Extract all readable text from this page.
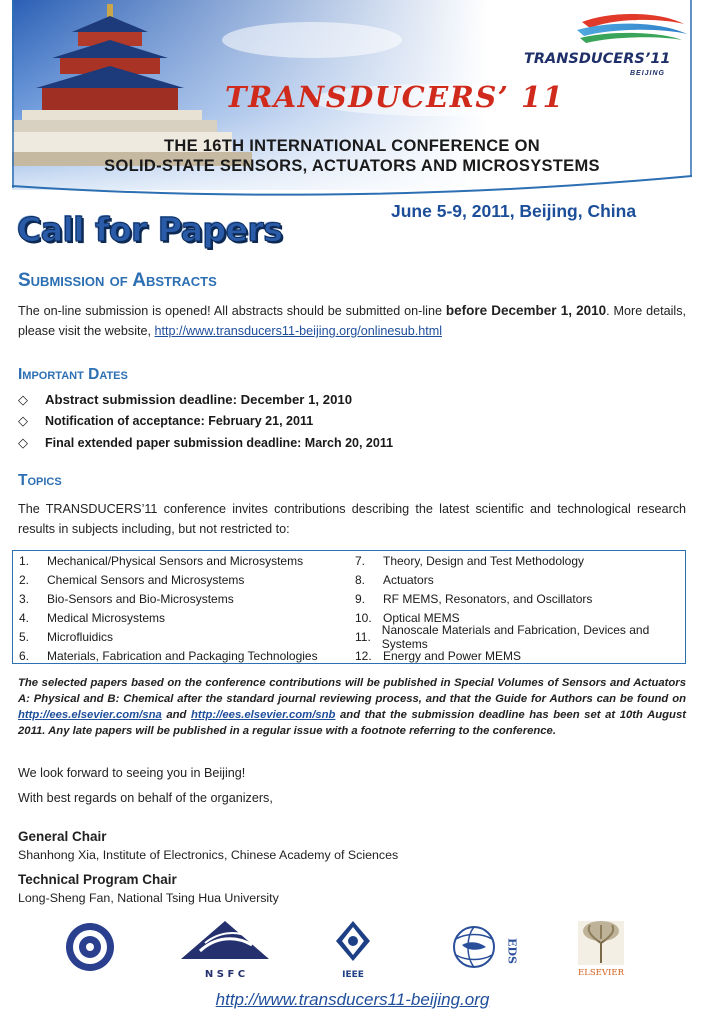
TRANSDUCERS’11
BEIJING
TRANSDUCERS’ 11
THE 16TH INTERNATIONAL CONFERENCE ON
SOLID-STATE SENSORS, ACTUATORS AND MICROSYSTEMS
June 5-9, 2011, Beijing, China
Call for Papers
Submission of Abstracts
The on-line submission is opened! All abstracts should be submitted on-line before December 1, 2010. More details, please visit the website, http://www.transducers11-beijing.org/onlinesub.html
Important Dates
◇	Abstract submission deadline: December 1, 2010
◇	Notification of acceptance: February 21, 2011
◇	Final extended paper submission deadline: March 20, 2011
Topics
The TRANSDUCERS’11 conference invites contributions describing the latest scientific and technological research results in subjects including, but not restricted to:
1.	Mechanical/Physical Sensors and Microsystems
2.	Chemical Sensors and Microsystems
3.	Bio-Sensors and Bio-Microsystems
4.	Medical Microsystems
5.	Microfluidics
6.	Materials, Fabrication and Packaging Technologies
7.	Theory, Design and Test Methodology
8.	Actuators
9.	RF MEMS, Resonators, and Oscillators
10. Optical MEMS
11. Nanoscale Materials and Fabrication, Devices and Systems
12. Energy and Power MEMS
The selected papers based on the conference contributions will be published in Special Volumes of Sensors and Actuators A: Physical and B: Chemical after the standard journal reviewing process, and that the Guide for Authors can be found on http://ees.elsevier.com/sna and http://ees.elsevier.com/snb and that the submission deadline has been set at 10th August 2011. Any late papers will be published in a regular issue with a footnote referring to the conference.
We look forward to seeing you in Beijing!
With best regards on behalf of the organizers,
General Chair
Shanhong Xia, Institute of Electronics, Chinese Academy of Sciences
Technical Program Chair
Long-Sheng Fan, National Tsing Hua University
N S F C	IEEE
EDS
ELSEVIER
http://www.transducers11-beijing.org
